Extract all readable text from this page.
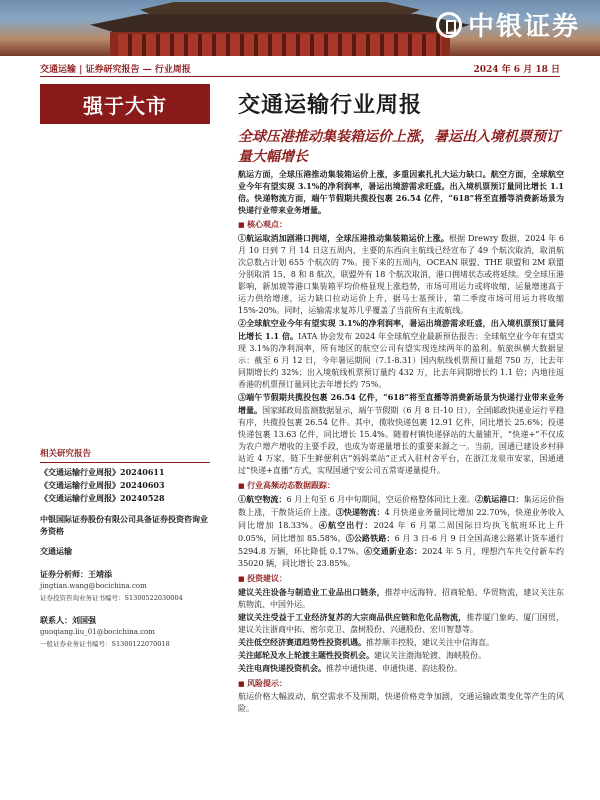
中银证券
交通运输 | 证券研究报告 — 行业周报	2024 年 6 月 18 日
强于大市	交通运输行业周报
全球压港推动集装箱运价上涨，暑运出入境机票预订量大幅增长

航运方面，全球压港推动集装箱运价上涨，多重因素扎扎大运力缺口。航空方面，全球航空业今年有望实现 3.1%的净利润率，暑运出境游需求旺盛。出入境机票预订量同比增长 1.1 倍。快递物流方面，端午节假期共揽投包裹 26.54 亿件，“618”将至直播等消费新场景为快递行业带来业务增量。

■ 核心观点：

①航运取消加剧港口拥堵，全球压港推动集装箱运价上涨。根据 Drewry 数据，2024 年 6 月 10 日到 7 月 14 日这五周内，主要的东西向主航线已经宣布了 49 个航次取消，取消航次总数占计划 655 个航次的 7%。接下来的五周内，OCEAN 联盟、THE 联盟和 2M 联盟分别取消 15、8 和 8 航次，联盟外有 18 个航次取消，港口拥堵状态或将延续。受全球压港影响，新加坡等港口集装箱平均价格显现上涨趋势，市场可用运力或将收缩，运量增速高于运力供给增速，运力缺口拉动运价上升，据马士基预计，第二季度市场可用运力将收缩 15%-20%。同时，运输需求复苏几乎覆盖了当前所有主流航线。

②全球航空业今年有望实现 3.1%的净利润率，暑运出境游需求旺盛，出入境机票预订量同比增长 1.1 倍。IATA 协会发布 2024 年全球航空业最新预估报告：全球航空业今年有望实现 3.1%的净利润率，所有地区的航空公司有望实现连续两年的盈利。航旅纵横大数据显示：截至 6 月 12 日，今年暑运期间（7.1-8.31）国内航线机票预订量超 750 万，比去年同期增长约 32%；出入境航线机票预订量约 432 万，比去年同期增长约 1.1 倍；内地往返香港的机票预订量同比去年增长约 75%。

③端午节假期共揽投包裹 26.54 亿件，“618”将至直播等消费新场景为快递行业带来业务增量。国家邮政局监测数据显示，端午节假期（6 月 8 日-10 日），全国邮政快递业运行平稳有序，共揽投包裹 26.54 亿件。其中，揽收快递包裹 12.91 亿件，同比增长 25.6%；投递快递包裹 13.63 亿件，同比增长 15.4%。随着村镇快递驿站的大量铺开，“快递+”不仅成为农户增产增收的主要手段，也成为寄递量增长的重要来源之一。当前，国通已建设乡村驿站近 4 万家，链下生鲜便利店“妈妈菜站”正式入驻村舍平台，在浙江龙泉市安家，国通通过“快递+直播”方式，实现国通宁安公司五常寄递量提升。

■ 行业高频动态数据跟踪：

①航空物流：6 月上旬至 6 月中旬期间，空运价格整体同比上涨。②航运港口：集运运价指数上涨，干散货运价上涨。③快递物流：4 月快递业务量同比增加 22.70%，快递业务收入同比增加 18.33%。④航空出行：2024 年 6 月第二周国际日均执飞航班环比上升 0.05%，同比增加 85.58%。⑤公路铁路：6 月 3 日-6 月 9 日全国高速公路累计货车通行 5294.8 万辆，环比降低 0.17%。⑥交通新业态：2024 年 5 月，理想汽车共交付新车约 35020 辆，同比增长 23.85%。

■ 投资建议：

建议关注设备与制造业工业品出口链条，推荐中远海特、招商轮船、华贸物流，建议关注东航物流、中国外运。

建议关注受益于工业经济复苏的大宗商品供应链和危化品物流，推荐厦门象屿、厦门国贸，建议关注浙商中拓、密尔克卫、盘树股份、兴通股份、宏川智慧等。

关注低空经济赛道趋势性投资机遇。推荐顺丰控股，建议关注中信海直。

关注邮轮及水上轮渡主题性投资机会。建议关注渤海轮渡、海峡股份。

关注电商快递投资机会。推荐中通快递、申通快递、韵达股份。

■ 风险提示：

航运价格大幅波动，航空需求不及预期，快递价格竞争加剧，交通运输政策变化等产生的风险。

相关研究报告
《交通运输行业周报》20240611
《交通运输行业周报》20240603
《交通运输行业周报》20240528
中银国际证券股份有限公司具备证券投资咨询业务资格
交通运输
证券分析师：王靖添
jingtian.wang@bocichina.com
证券投资咨询业务证书编号：S1300522030004
联系人：刘国强
guoqiang.liu_01@bocichina.com
一般证券业务证书编号：S1300122070018
